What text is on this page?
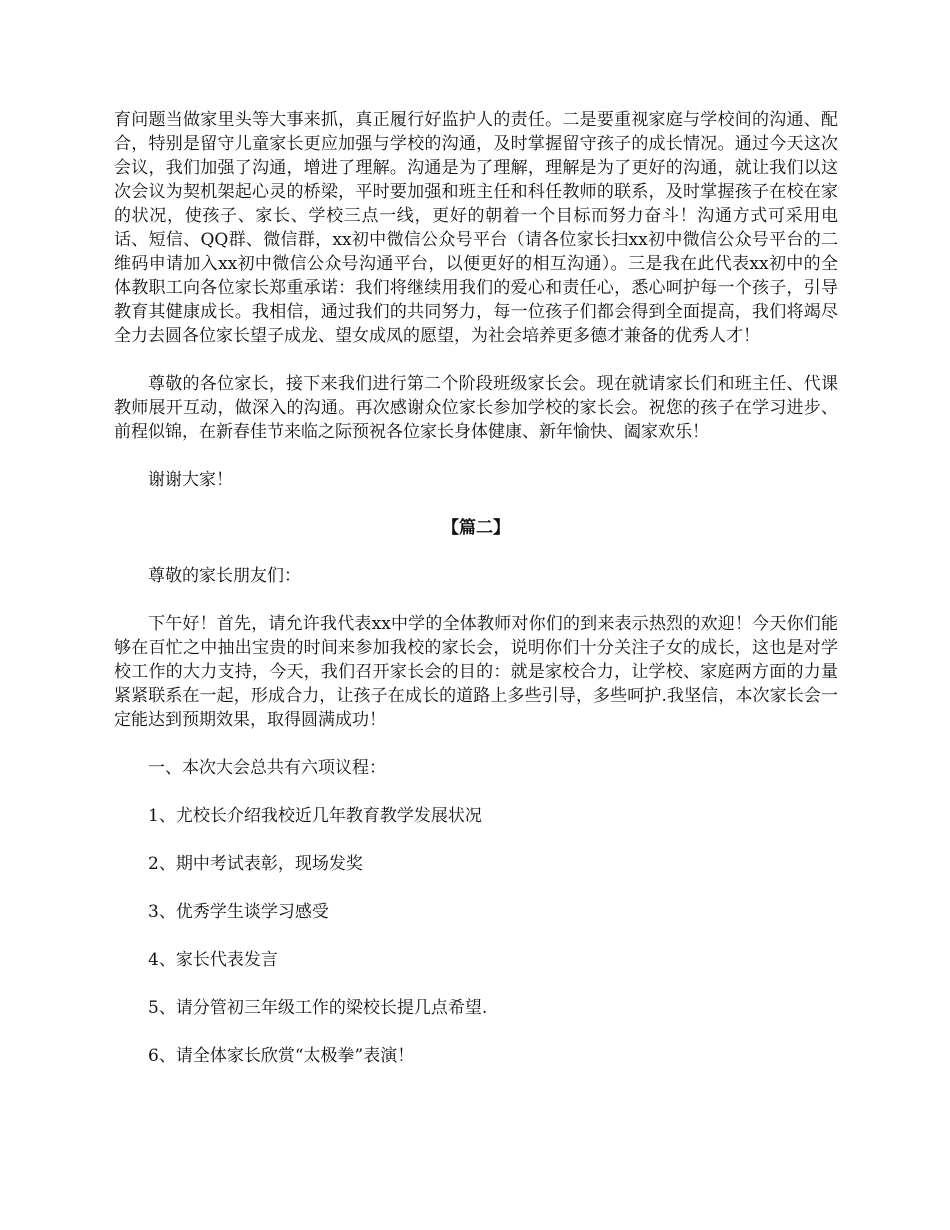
育问题当做家里头等大事来抓，真正履行好监护人的责任。二是要重视家庭与学校间的沟通、配合，特别是留守儿童家长更应加强与学校的沟通，及时掌握留守孩子的成长情况。通过今天这次会议，我们加强了沟通，增进了理解。沟通是为了理解，理解是为了更好的沟通，就让我们以这次会议为契机架起心灵的桥梁，平时要加强和班主任和科任教师的联系，及时掌握孩子在校在家的状况，使孩子、家长、学校三点一线，更好的朝着一个目标而努力奋斗！沟通方式可采用电话、短信、QQ群、微信群，xx初中微信公众号平台（请各位家长扫xx初中微信公众号平台的二维码申请加入xx初中微信公众号沟通平台，以便更好的相互沟通）。三是我在此代表xx初中的全体教职工向各位家长郑重承诺：我们将继续用我们的爱心和责任心，悉心呵护每一个孩子，引导教育其健康成长。我相信，通过我们的共同努力，每一位孩子们都会得到全面提高，我们将竭尽全力去圆各位家长望子成龙、望女成凤的愿望，为社会培养更多德才兼备的优秀人才！

尊敬的各位家长，接下来我们进行第二个阶段班级家长会。现在就请家长们和班主任、代课教师展开互动，做深入的沟通。再次感谢众位家长参加学校的家长会。祝您的孩子在学习进步、前程似锦，在新春佳节来临之际预祝各位家长身体健康、新年愉快、阖家欢乐！

谢谢大家！

【篇二】

尊敬的家长朋友们：

下午好！首先，请允许我代表xx中学的全体教师对你们的到来表示热烈的欢迎！今天你们能够在百忙之中抽出宝贵的时间来参加我校的家长会，说明你们十分关注子女的成长，这也是对学校工作的大力支持，今天，我们召开家长会的目的：就是家校合力，让学校、家庭两方面的力量紧紧联系在一起，形成合力，让孩子在成长的道路上多些引导，多些呵护.我坚信，本次家长会一定能达到预期效果，取得圆满成功！

一、本次大会总共有六项议程：

1、尤校长介绍我校近几年教育教学发展状况

2、期中考试表彰，现场发奖

3、优秀学生谈学习感受

4、家长代表发言

5、请分管初三年级工作的梁校长提几点希望.

6、请全体家长欣赏“太极拳”表演！
